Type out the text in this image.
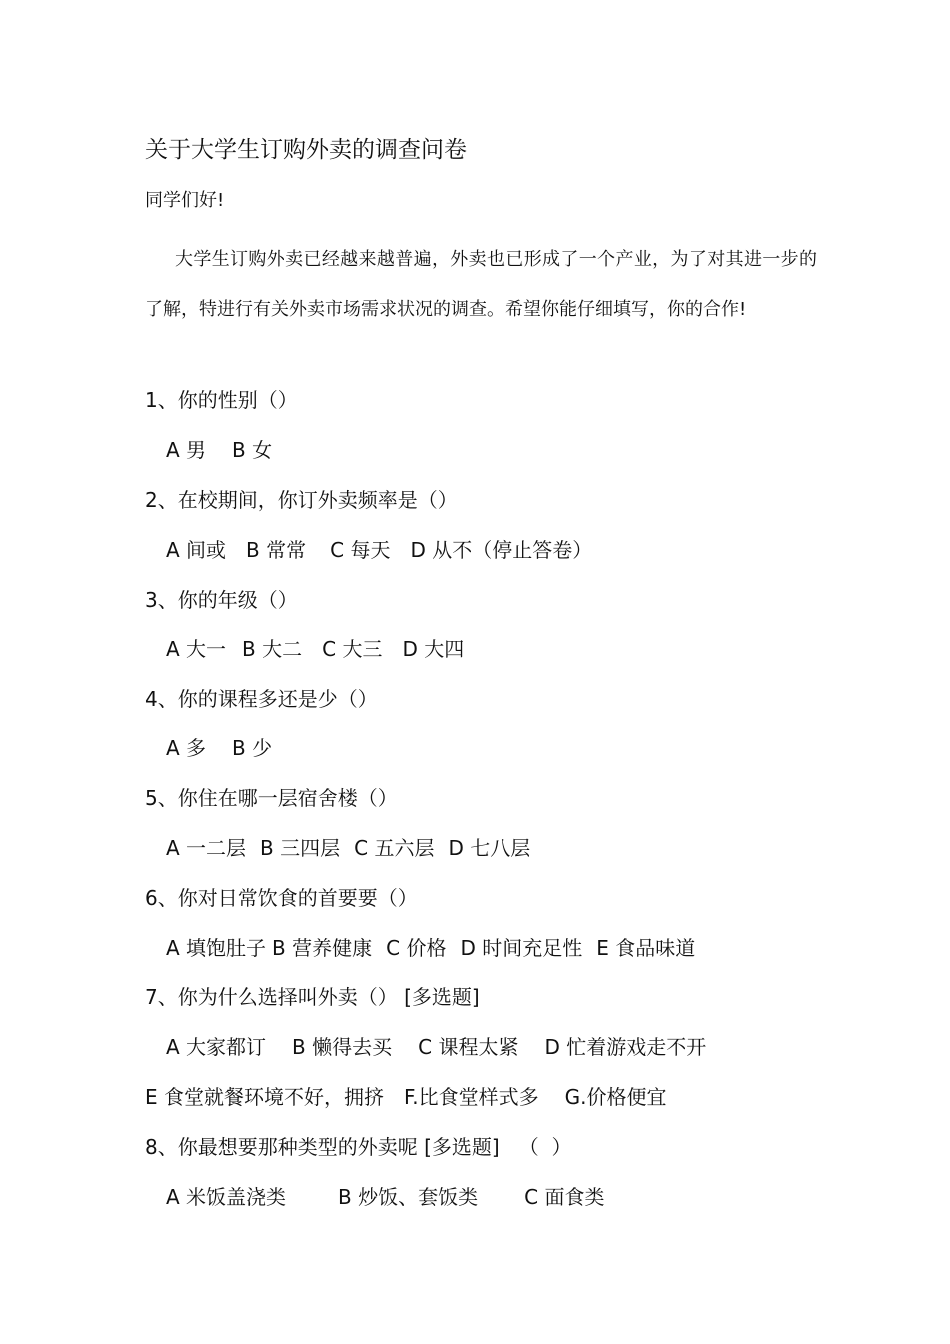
关于大学生订购外卖的调查问卷
同学们好!
大学生订购外卖已经越来越普遍，外卖也已形成了一个产业，为了对其进一步的了解，特进行有关外卖市场需求状况的调查。希望你能仔细填写，你的合作!
1、你的性别（）
A 男 B 女
2、在校期间，你订外卖频率是（）
A 间或 B 常常 C 每天 D 从不（停止答卷）
3、你的年级（）
A 大一 B 大二 C 大三 D 大四
4、你的课程多还是少（）
A 多 B 少
5、你住在哪一层宿舍楼（）
A 一二层 B 三四层 C 五六层 D 七八层
6、你对日常饮食的首要要（）
A 填饱肚子 B 营养健康 C 价格 D 时间充足性 E 食品味道
7、你为什么选择叫外卖（） [多选题]
A 大家都订 B 懒得去买 C 课程太紧 D 忙着游戏走不开
E 食堂就餐环境不好，拥挤 F.比食堂样式多 G.价格便宜
8、你最想要那种类型的外卖呢 [多选题]   （  ）
A 米饭盖浇类	B 炒饭、套饭类 C 面食类
